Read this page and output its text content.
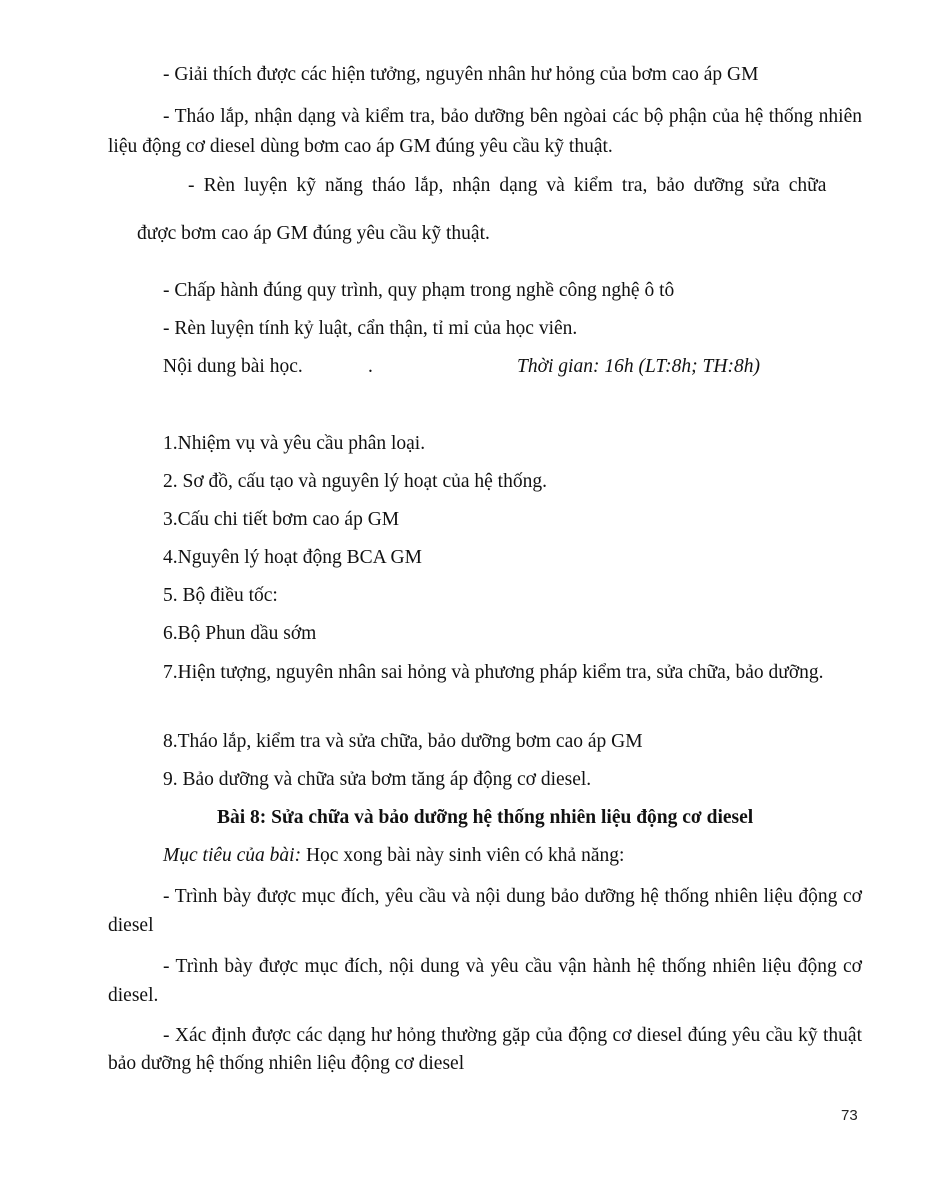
- Giải thích được các hiện tưởng, nguyên nhân hư hỏng của bơm cao áp GM
- Tháo lắp, nhận dạng và kiểm tra, bảo dưỡng bên ngòai các bộ phận của hệ thống nhiên liệu động cơ diesel dùng bơm cao áp GM đúng yêu cầu kỹ thuật.
- Rèn luyện kỹ năng tháo lắp, nhận dạng và kiểm tra, bảo dưỡng sửa chữa
được bơm cao áp GM đúng yêu cầu kỹ thuật.
- Chấp hành đúng quy trình, quy phạm trong nghề công nghệ ô tô
- Rèn luyện tính kỷ luật, cẩn thận, tỉ mỉ của học viên.
Nội dung bài học.	.	Thời gian: 16h (LT:8h; TH:8h)
1.Nhiệm vụ và yêu cầu phân loại.
2. Sơ đồ, cấu tạo và nguyên lý hoạt của hệ thống.
3.Cấu chi tiết bơm cao áp GM
4.Nguyên lý hoạt động BCA GM
5. Bộ điều tốc:
6.Bộ Phun dầu sớm
7.Hiện tượng, nguyên nhân sai hỏng và phương pháp kiểm tra, sửa chữa, bảo dưỡng.
8.Tháo lắp, kiểm tra và sửa chữa, bảo dưỡng bơm cao áp GM
9. Bảo dưỡng và chữa sửa bơm tăng áp động cơ diesel.
Bài 8: Sửa chữa và bảo dưỡng hệ thống nhiên liệu động cơ diesel
Mục tiêu của bài: Học xong bài này sinh viên có khả năng:
- Trình bày được mục đích, yêu cầu và nội dung bảo dưỡng hệ thống nhiên liệu động cơ diesel
- Trình bày được mục đích, nội dung và yêu cầu vận hành hệ thống nhiên liệu động cơ diesel.
- Xác định được các dạng hư hỏng thường gặp của động cơ diesel đúng yêu cầu kỹ thuật bảo dưỡng hệ thống nhiên liệu động cơ diesel
73
